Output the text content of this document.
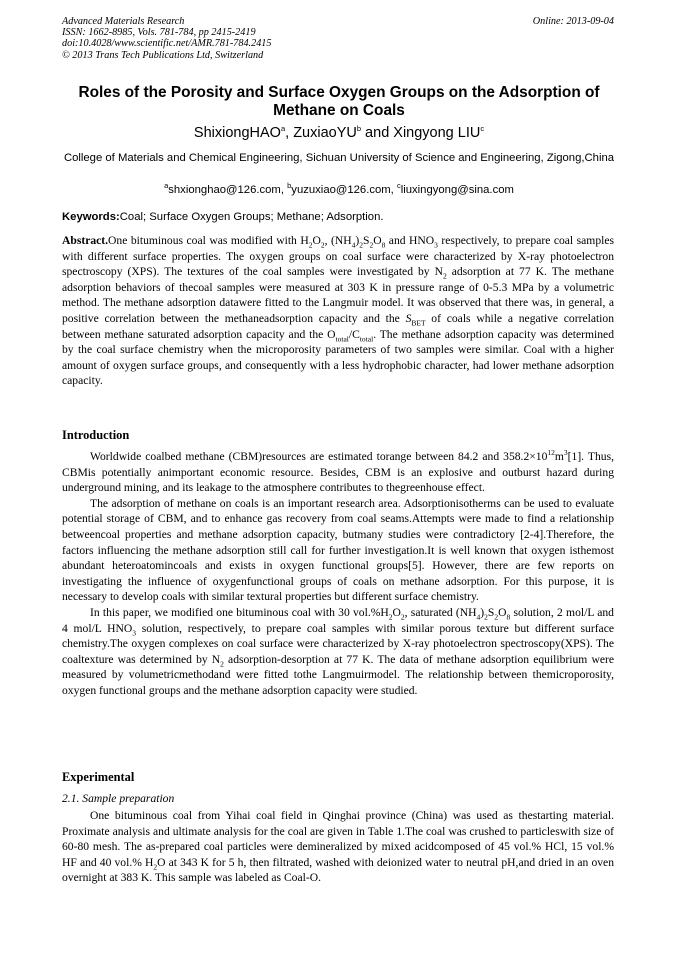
Advanced Materials Research
ISSN: 1662-8985, Vols. 781-784, pp 2415-2419
doi:10.4028/www.scientific.net/AMR.781-784.2415
© 2013 Trans Tech Publications Ltd, Switzerland
Online: 2013-09-04
Roles of the Porosity and Surface Oxygen Groups on the Adsorption of Methane on Coals
ShixiongHAO$^a$, ZuxiaoYU$^b$ and Xingyong LIU$^c$
College of Materials and Chemical Engineering, Sichuan University of Science and Engineering, Zigong,China
$^a$shxionghao@126.com, $^b$yuzuxiao@126.com, $^c$liuxingyong@sina.com
Keywords:Coal; Surface Oxygen Groups; Methane; Adsorption.

Abstract.One bituminous coal was modified with $H_2O_2$, $(NH_4)_2S_2O_8$ and $HNO_3$ respectively, to prepare coal samples with different surface properties. The oxygen groups on coal surface were characterized by X-ray photoelectron spectroscopy (XPS). The textures of the coal samples were investigated by $N_2$ adsorption at 77 K. The methane adsorption behaviors of thecoal samples were measured at 303 K in pressure range of 0-5.3 MPa by a volumetric method. The methane adsorption datawere fitted to the Langmuir model. It was observed that there was, in general, a positive correlation between the methaneadsorption capacity and the $S_{BET}$ of coals while a negative correlation between methane saturated adsorption capacity and the $O_{total}/C_{total}$. The methane adsorption capacity was determined by the coal surface chemistry when the microporosity parameters of two samples were similar. Coal with a higher amount of oxygen surface groups, and consequently with a less hydrophobic character, had lower methane adsorption capacity.

Introduction

Worldwide coalbed methane (CBM)resources are estimated torange between 84.2 and $358.2\times 10^{12}m^3[1]$. Thus, CBMis potentially animportant economic resource. Besides, CBM is an explosive and outburst hazard during underground mining, and its leakage to the atmosphere contributes to thegreenhouse effect.

The adsorption of methane on coals is an important research area. Adsorptionisotherms can be used to evaluate potential storage of CBM, and to enhance gas recovery from coal seams.Attempts were made to find a relationship betweencoal properties and methane adsorption capacity, butmany studies were contradictory [2-4].Therefore, the factors influencing the methane adsorption still call for further investigation.It is well known that oxygen isthemost abundant heteroatomincoals and exists in oxygen functional groups[5]. However, there are few reports on investigating the influence of oxygenfunctional groups of coals on methane adsorption. For this purpose, it is necessary to develop coals with similar textural properties but different surface chemistry.

In this paper, we modified one bituminous coal with 30 $vol.\%H_2O_2$, saturated $(NH_4)_2S_2O_8$ solution, 2 mol/L and 4 mol/L $HNO_3$ solution, respectively, to prepare coal samples with similar porous texture but different surface chemistry.The oxygen complexes on coal surface were characterized by X-ray photoelectron spectroscopy(XPS). The coaltexture was determined by $N_2$ adsorption-desorption at 77 K. The data of methane adsorption equilibrium were measured by volumetricmethodand were fitted tothe Langmuirmodel. The relationship between themicroporosity, oxygen functional groups and the methane adsorption capacity were studied.

Experimental
2.1. Sample preparation

One bituminous coal from Yihai coal field in Qinghai province (China) was used as thestarting material. Proximate analysis and ultimate analysis for the coal are given in Table 1.The coal was crushed to particleswith size of 60-80 mesh. The as-prepared coal particles were demineralized by mixed acidcomposed of 45 vol.% HCl, 15 vol.% HF and 40 vol.% $H_2O$ at 343 K for 5 h, then filtrated, washed with deionized water to neutral pH,and dried in an oven overnight at 383 K. This sample was labeled as Coal-O.
